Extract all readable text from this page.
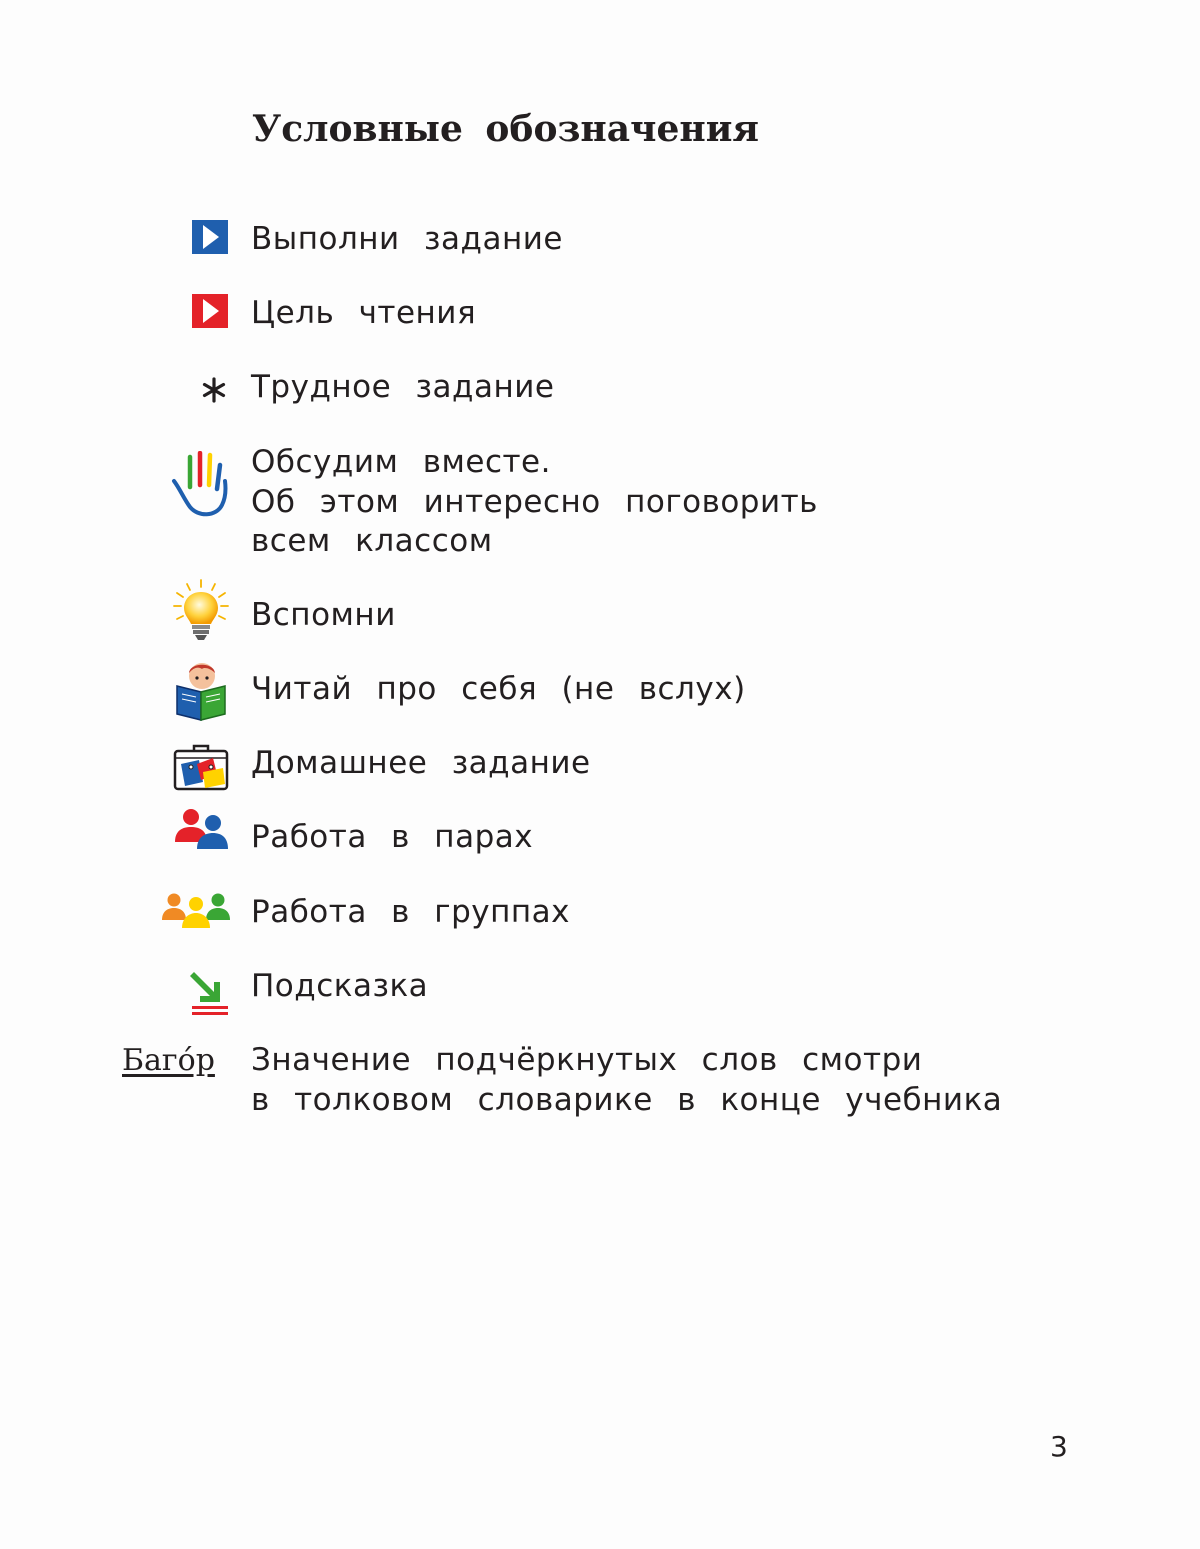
Условные обозначения
Выполни задание
Цель чтения
Трудное задание
Обсудим вместе.
Об этом интересно поговорить
всем классом
Вспомни
Читай про себя (не вслух)
Домашнее задание
Работа в парах
Работа в группах
Подсказка
Баго́р Значение подчёркнутых слов смотри
в толковом словарике в конце учебника
3
